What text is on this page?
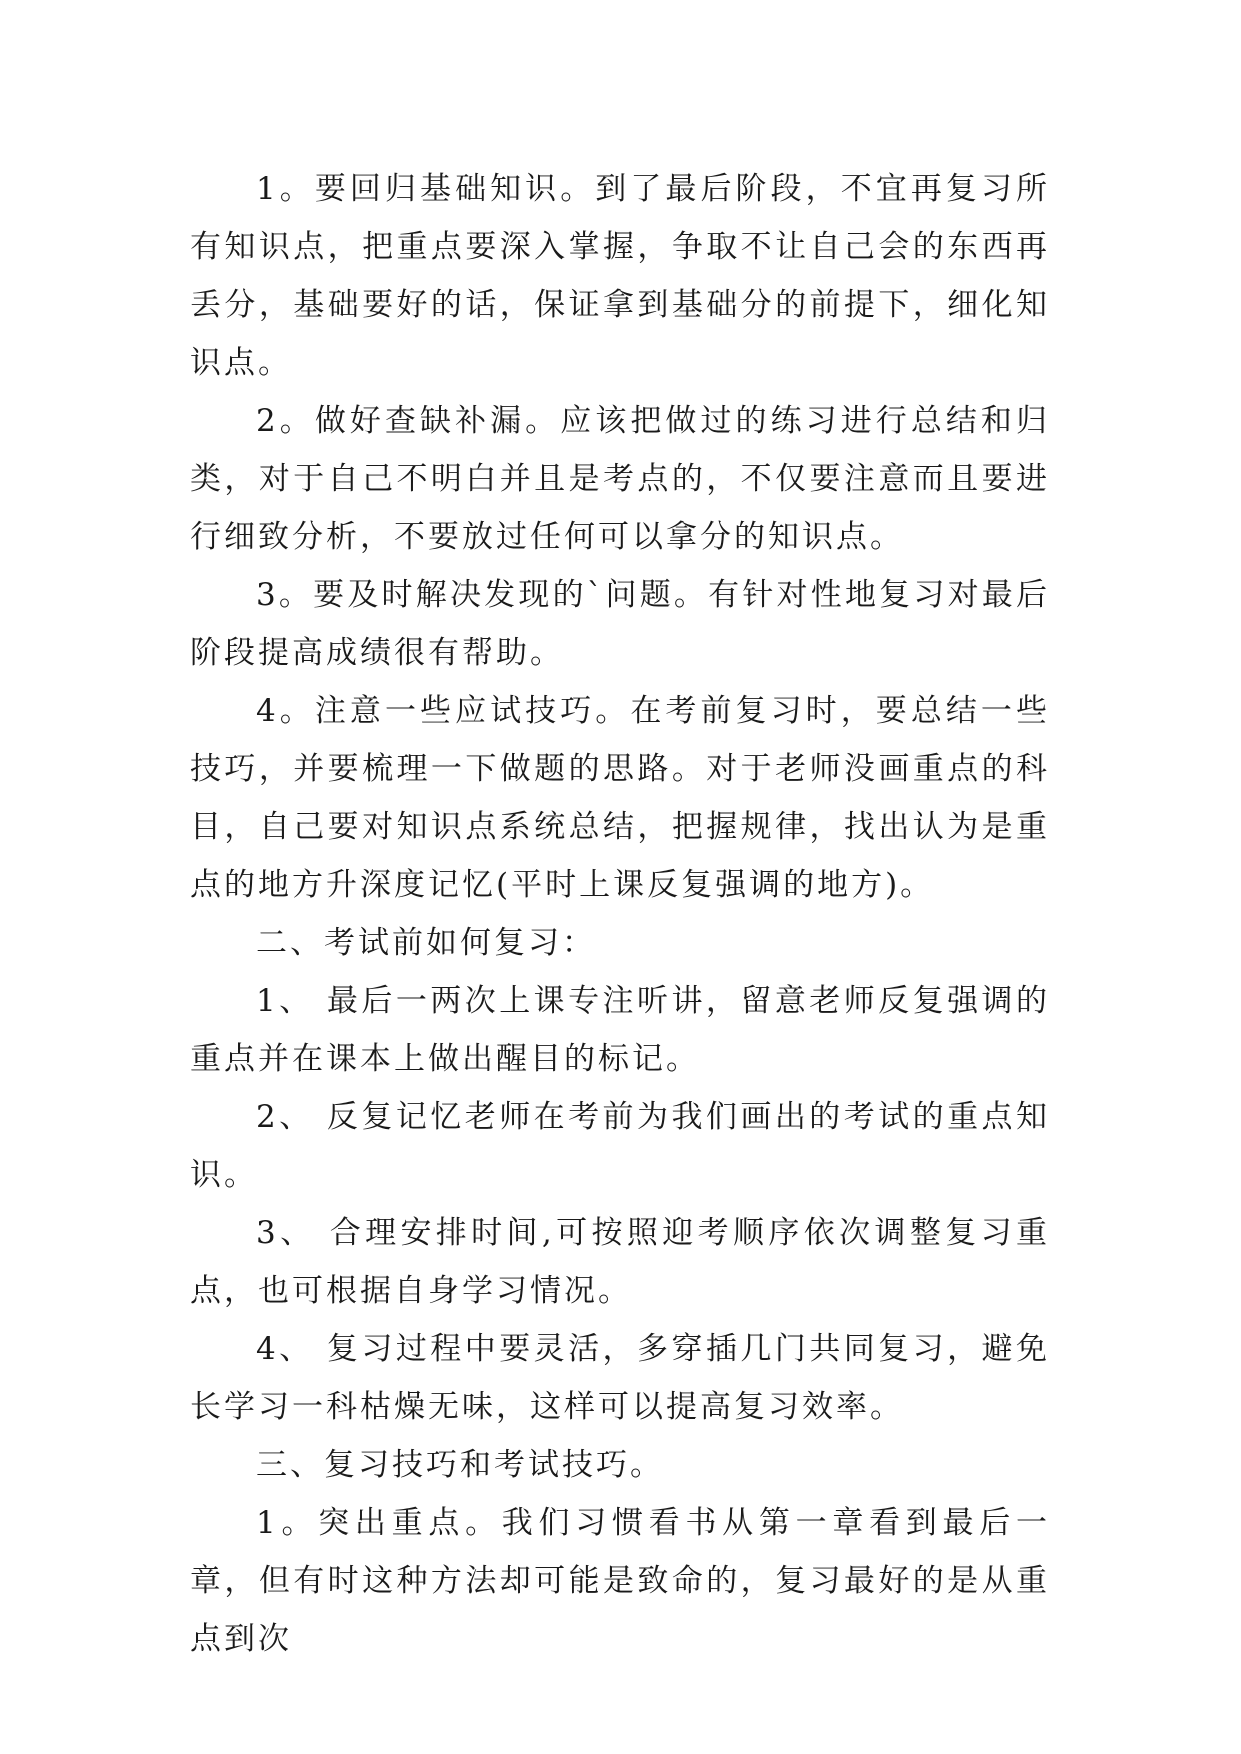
1。要回归基础知识。到了最后阶段，不宜再复习所有知识点，把重点要深入掌握，争取不让自己会的东西再丢分，基础要好的话，保证拿到基础分的前提下，细化知识点。

2。做好查缺补漏。应该把做过的练习进行总结和归类，对于自己不明白并且是考点的，不仅要注意而且要进行细致分析，不要放过任何可以拿分的知识点。

3。要及时解决发现的`问题。有针对性地复习对最后阶段提高成绩很有帮助。

4。注意一些应试技巧。在考前复习时，要总结一些技巧，并要梳理一下做题的思路。对于老师没画重点的科目，自己要对知识点系统总结，把握规律，找出认为是重点的地方升深度记忆(平时上课反复强调的地方)。

二、考试前如何复习：

1、 最后一两次上课专注听讲，留意老师反复强调的重点并在课本上做出醒目的标记。

2、 反复记忆老师在考前为我们画出的考试的重点知识。

3、 合理安排时间,可按照迎考顺序依次调整复习重点，也可根据自身学习情况。

4、 复习过程中要灵活，多穿插几门共同复习，避免长学习一科枯燥无味，这样可以提高复习效率。

三、复习技巧和考试技巧。

1。突出重点。我们习惯看书从第一章看到最后一章，但有时这种方法却可能是致命的，复习最好的是从重点到次
